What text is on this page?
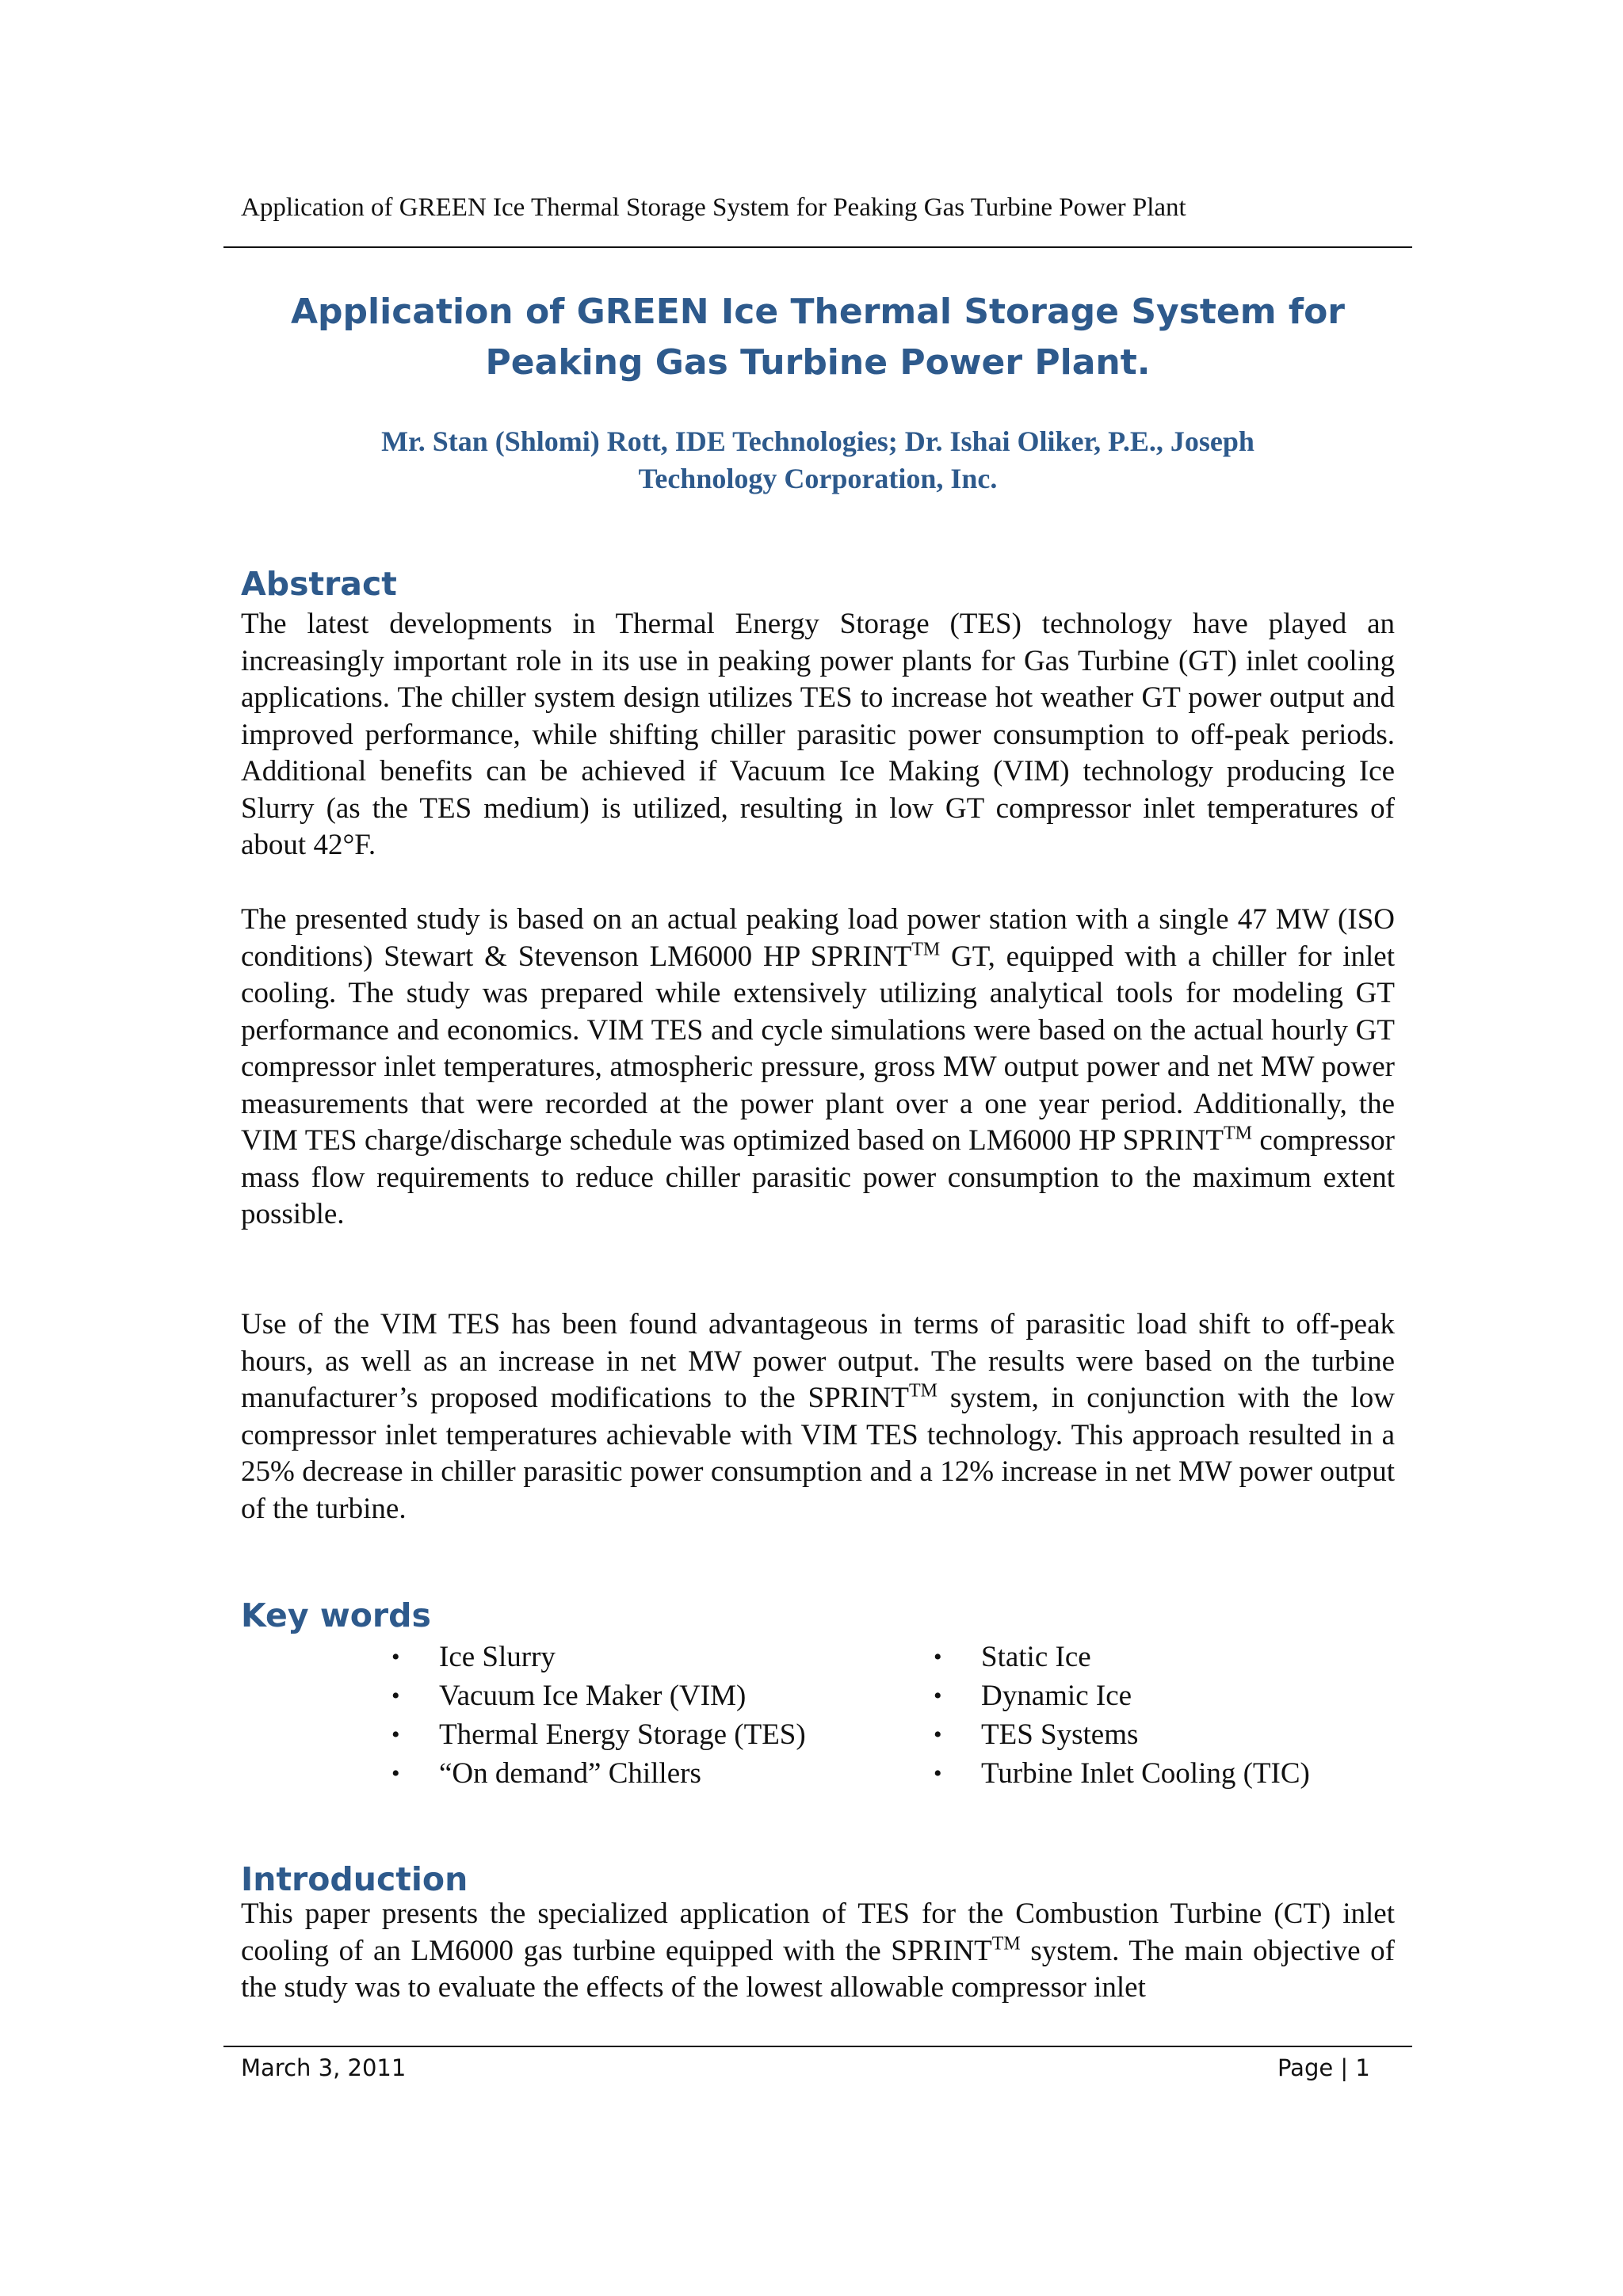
Application of GREEN Ice Thermal Storage System for Peaking Gas Turbine Power Plant
Application of GREEN Ice Thermal Storage System for
Peaking Gas Turbine Power Plant.
Mr. Stan (Shlomi) Rott, IDE Technologies; Dr. Ishai Oliker, P.E., Joseph
Technology Corporation, Inc.
Abstract

The latest developments in Thermal Energy Storage (TES) technology have played an increasingly important role in its use in peaking power plants for Gas Turbine (GT) inlet cooling applications. The chiller system design utilizes TES to increase hot weather GT power output and improved performance, while shifting chiller parasitic power consumption to off-peak periods. Additional benefits can be achieved if Vacuum Ice Making (VIM) technology producing Ice Slurry (as the TES medium) is utilized, resulting in low GT compressor inlet temperatures of about 42°F.

The presented study is based on an actual peaking load power station with a single 47 MW (ISO conditions) Stewart & Stevenson LM6000 HP SPRINT™ GT, equipped with a chiller for inlet cooling. The study was prepared while extensively utilizing analytical tools for modeling GT performance and economics. VIM TES and cycle simulations were based on the actual hourly GT compressor inlet temperatures, atmospheric pressure, gross MW output power and net MW power measurements that were recorded at the power plant over a one year period. Additionally, the VIM TES charge/discharge schedule was optimized based on LM6000 HP SPRINT™ compressor mass flow requirements to reduce chiller parasitic power consumption to the maximum extent possible.

Use of the VIM TES has been found advantageous in terms of parasitic load shift to off-peak hours, as well as an increase in net MW power output. The results were based on the turbine manufacturer’s proposed modifications to the SPRINT™ system, in conjunction with the low compressor inlet temperatures achievable with VIM TES technology. This approach resulted in a 25% decrease in chiller parasitic power consumption and a 12% increase in net MW power output of the turbine.

Key words
• Ice Slurry
• Vacuum Ice Maker (VIM)
• Thermal Energy Storage (TES)
• “On demand” Chillers
• Static Ice
• Dynamic Ice
• TES Systems
• Turbine Inlet Cooling (TIC)
Introduction

This paper presents the specialized application of TES for the Combustion Turbine (CT) inlet cooling of an LM6000 gas turbine equipped with the SPRINT™ system. The main objective of the study was to evaluate the effects of the lowest allowable compressor inlet

March 3, 2011	Page | 1
